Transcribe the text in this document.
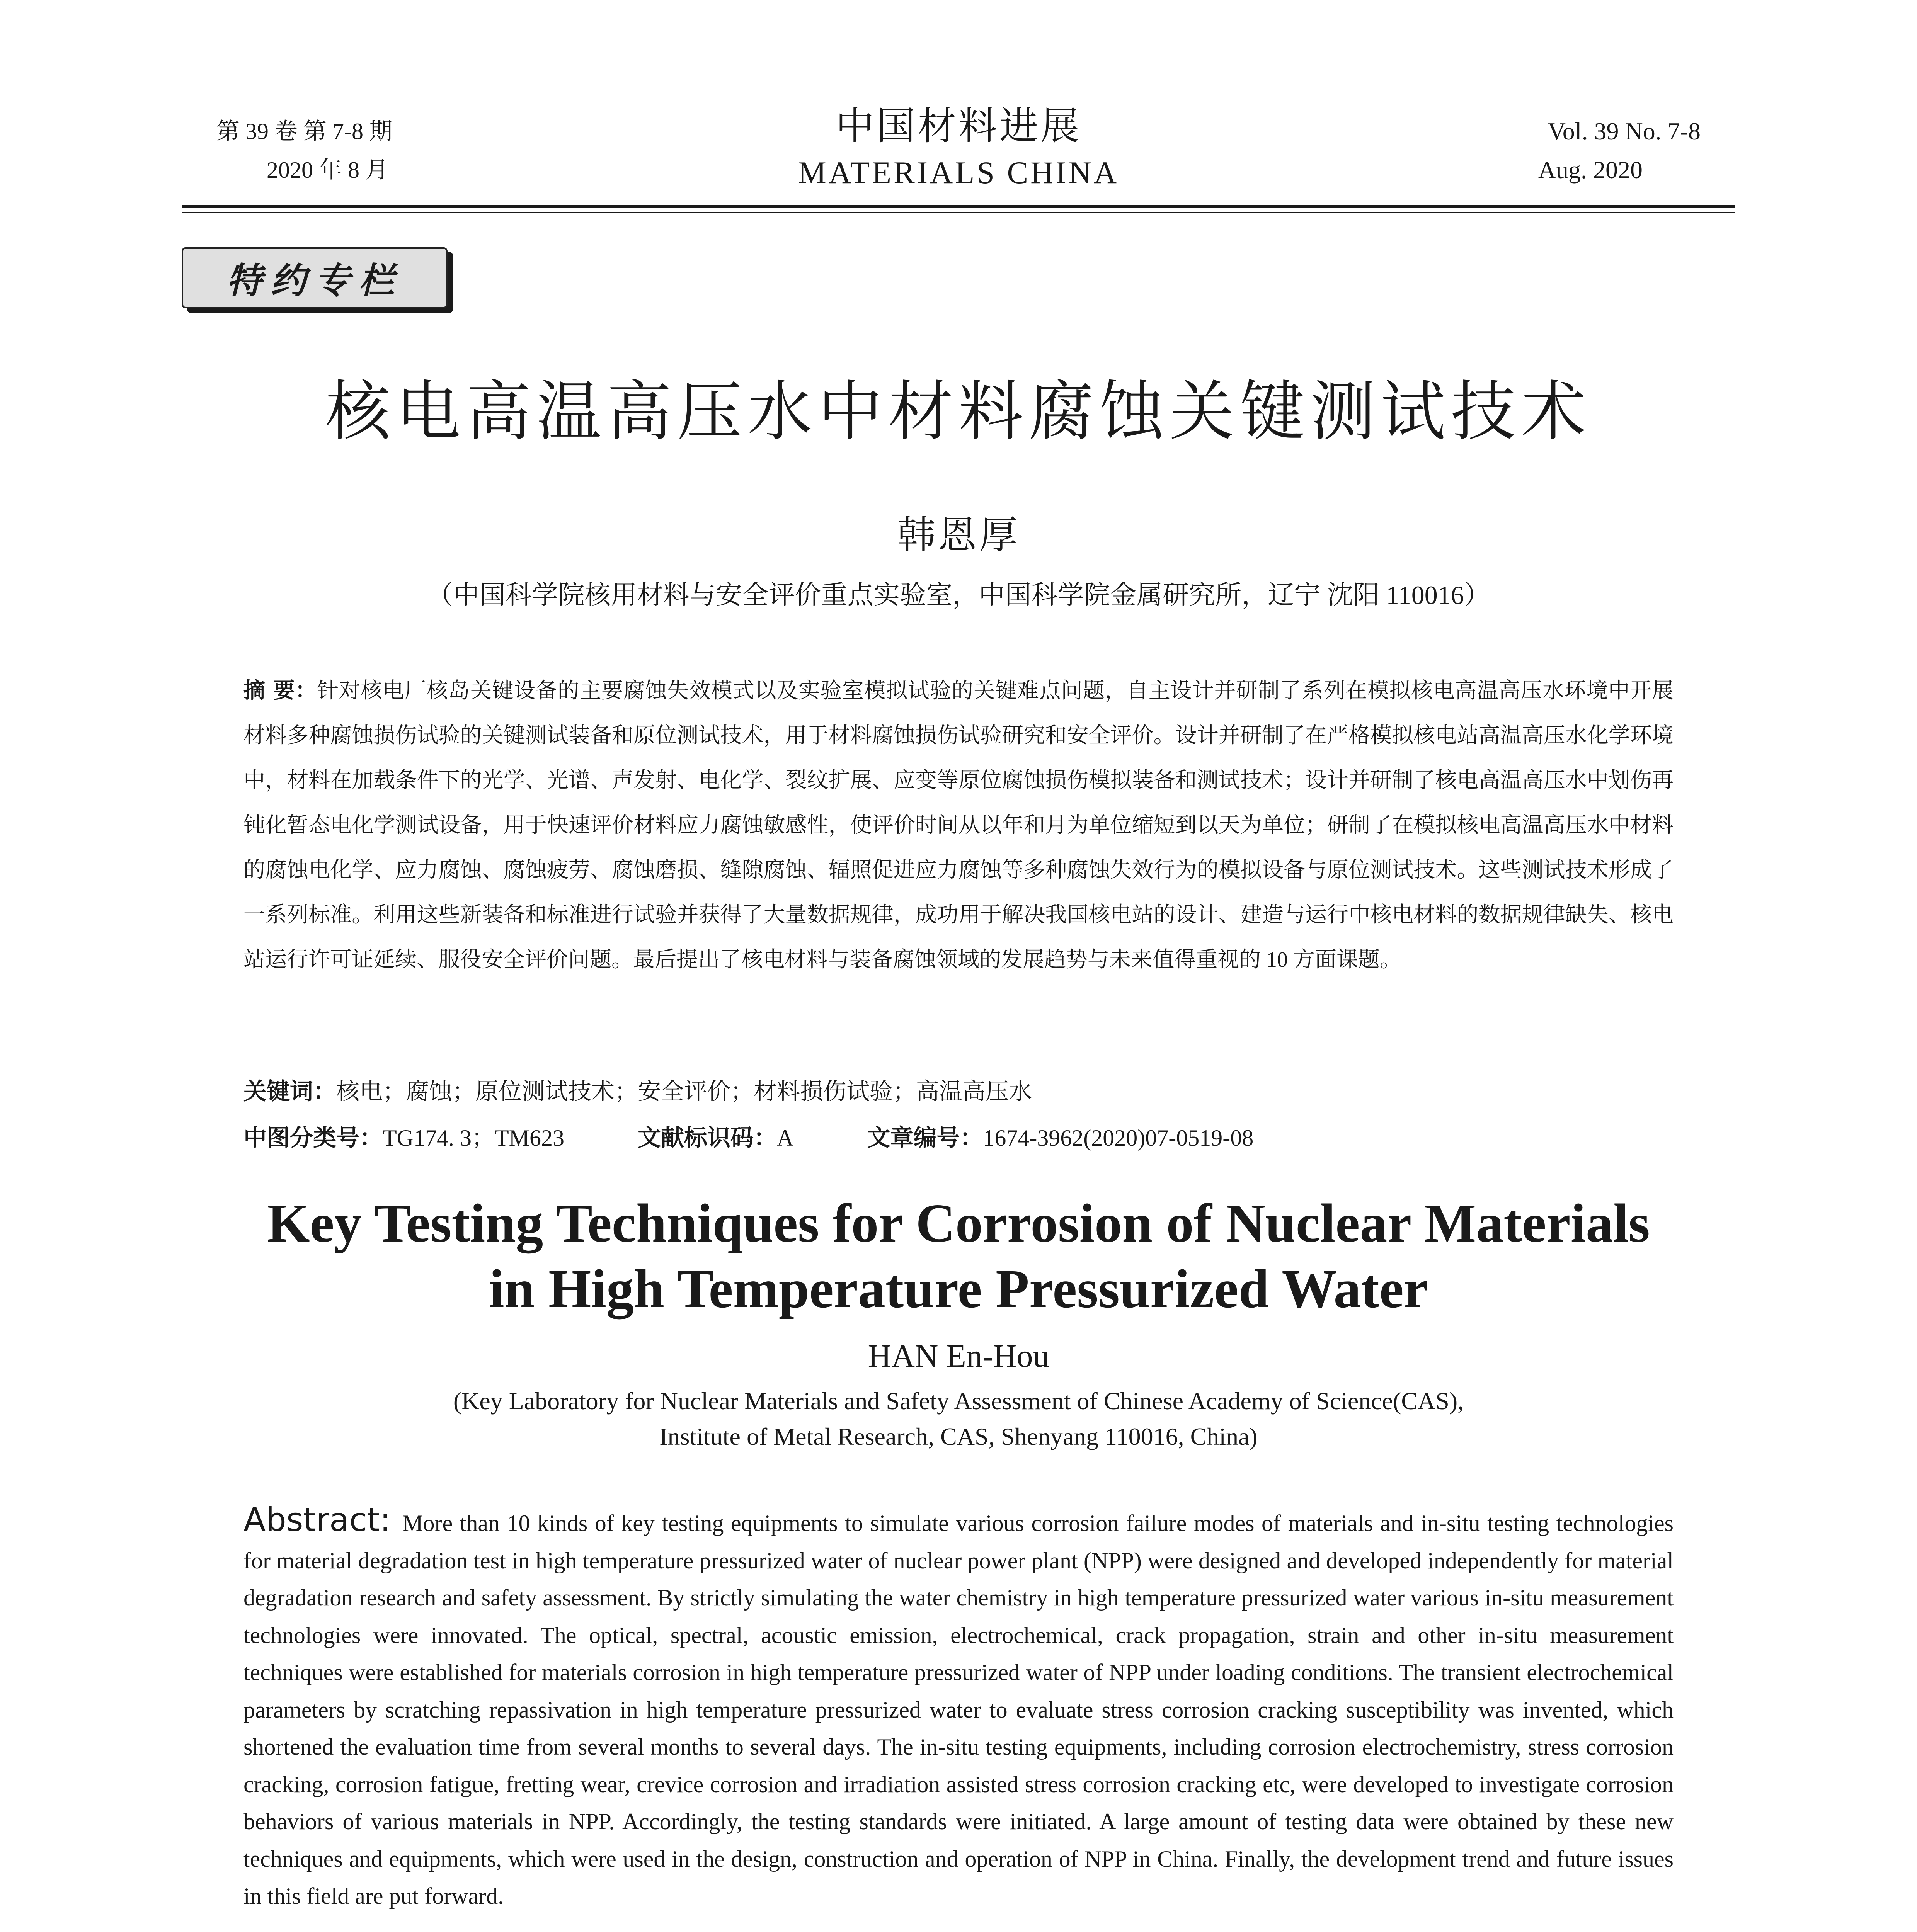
第 39 卷 第 7-8 期
2020 年 8 月
中国材料进展
MATERIALS CHINA
Vol. 39 No. 7-8
Aug. 2020
特约专栏
核电高温高压水中材料腐蚀关键测试技术
韩恩厚
（中国科学院核用材料与安全评价重点实验室，中国科学院金属研究所，辽宁 沈阳 110016）
摘 要：针对核电厂核岛关键设备的主要腐蚀失效模式以及实验室模拟试验的关键难点问题，自主设计并研制了系列在模拟核电高温高压水环境中开展材料多种腐蚀损伤试验的关键测试装备和原位测试技术，用于材料腐蚀损伤试验研究和安全评价。设计并研制了在严格模拟核电站高温高压水化学环境中，材料在加载条件下的光学、光谱、声发射、电化学、裂纹扩展、应变等原位腐蚀损伤模拟装备和测试技术；设计并研制了核电高温高压水中划伤再钝化暂态电化学测试设备，用于快速评价材料应力腐蚀敏感性，使评价时间从以年和月为单位缩短到以天为单位；研制了在模拟核电高温高压水中材料的腐蚀电化学、应力腐蚀、腐蚀疲劳、腐蚀磨损、缝隙腐蚀、辐照促进应力腐蚀等多种腐蚀失效行为的模拟设备与原位测试技术。这些测试技术形成了一系列标准。利用这些新装备和标准进行试验并获得了大量数据规律，成功用于解决我国核电站的设计、建造与运行中核电材料的数据规律缺失、核电站运行许可证延续、服役安全评价问题。最后提出了核电材料与装备腐蚀领域的发展趋势与未来值得重视的 10 方面课题。
关键词：核电；腐蚀；原位测试技术；安全评价；材料损伤试验；高温高压水
中图分类号：TG174. 3；TM623	文献标识码：A	文章编号：1674-3962(2020)07-0519-08
Key Testing Techniques for Corrosion of Nuclear Materials
in High Temperature Pressurized Water
HAN En-Hou
(Key Laboratory for Nuclear Materials and Safety Assessment of Chinese Academy of Science(CAS),
Institute of Metal Research, CAS, Shenyang 110016, China)
Abstract: More than 10 kinds of key testing equipments to simulate various corrosion failure modes of materials and in-situ testing technologies for material degradation test in high temperature pressurized water of nuclear power plant (NPP) were designed and developed independently for material degradation research and safety assessment. By strictly simulating the water chemistry in high temperature pressurized water various in-situ measurement technologies were innovated. The optical, spectral, acoustic emission, electrochemical, crack propagation, strain and other in-situ measurement techniques were established for materials corrosion in high temperature pressurized water of NPP under loading conditions. The transient electrochemical parameters by scratching repassivation in high temperature pressurized water to evaluate stress corrosion cracking susceptibility was invented, which shortened the evaluation time from several months to several days. The in-situ testing equipments, including corrosion electrochemistry, stress corrosion cracking, corrosion fatigue, fretting wear, crevice corrosion and irradiation assisted stress corrosion cracking etc, were developed to investigate corrosion behaviors of various materials in NPP. Accordingly, the testing standards were initiated. A large amount of testing data were obtained by these new techniques and equipments, which were used in the design, construction and operation of NPP in China. Finally, the development trend and future issues in this field are put forward.
